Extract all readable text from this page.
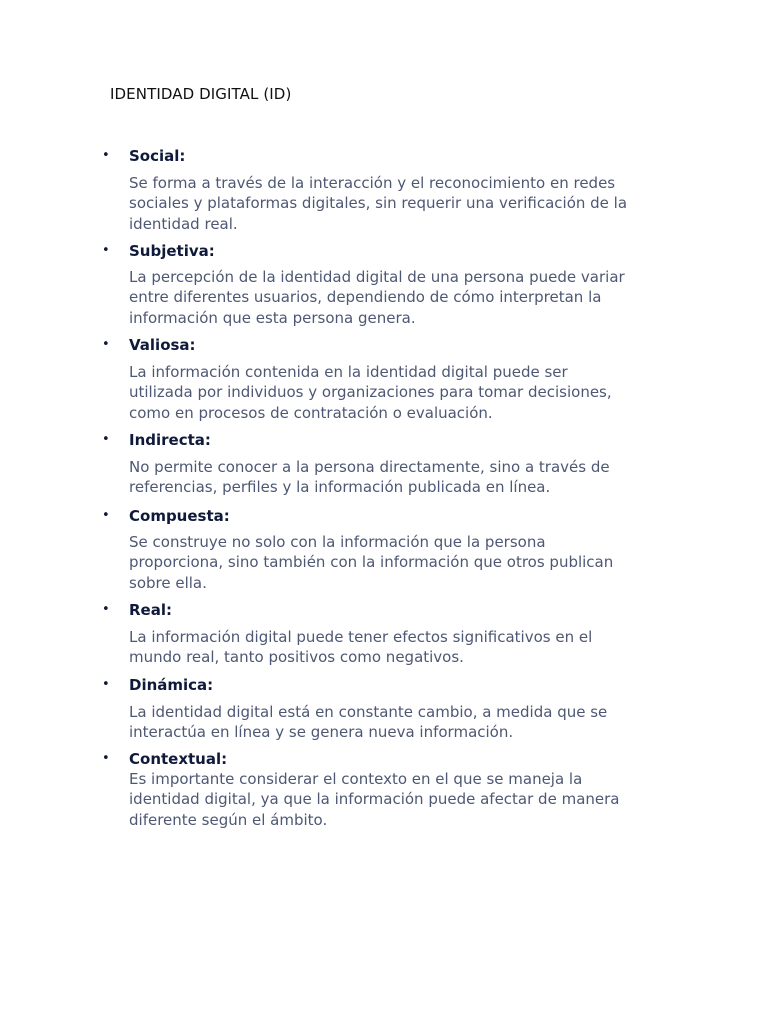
IDENTIDAD DIGITAL (ID)
• Social:
Se forma a través de la interacción y el reconocimiento en redes
sociales y plataformas digitales, sin requerir una verificación de la
identidad real.
• Subjetiva:
La percepción de la identidad digital de una persona puede variar
entre diferentes usuarios, dependiendo de cómo interpretan la
información que esta persona genera.
• Valiosa:
La información contenida en la identidad digital puede ser
utilizada por individuos y organizaciones para tomar decisiones,
como en procesos de contratación o evaluación.
• Indirecta:
No permite conocer a la persona directamente, sino a través de
referencias, perfiles y la información publicada en línea.
• Compuesta:
Se construye no solo con la información que la persona
proporciona, sino también con la información que otros publican
sobre ella.
• Real:
La información digital puede tener efectos significativos en el
mundo real, tanto positivos como negativos.
• Dinámica:
La identidad digital está en constante cambio, a medida que se
interactúa en línea y se genera nueva información.
• Contextual:
Es importante considerar el contexto en el que se maneja la
identidad digital, ya que la información puede afectar de manera
diferente según el ámbito.
